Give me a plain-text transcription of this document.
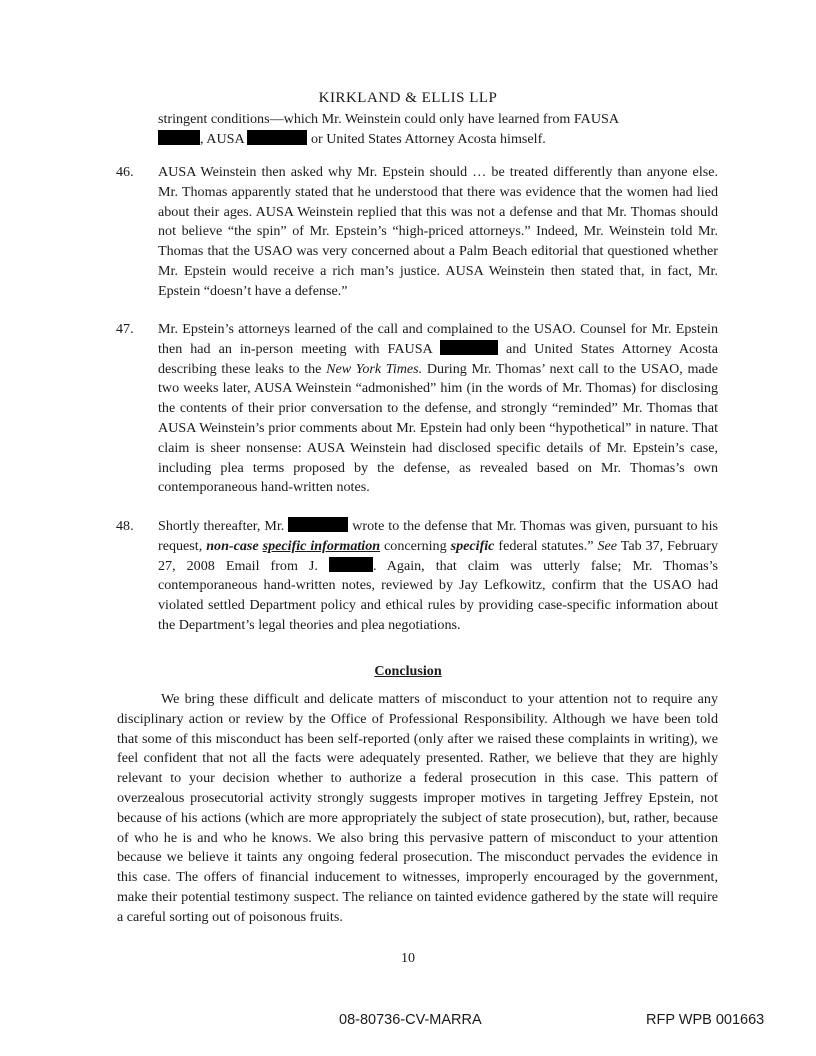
KIRKLAND & ELLIS LLP
stringent conditions—which Mr. Weinstein could only have learned from FAUSA
, AUSA	or United States Attorney Acosta himself.
46. AUSA Weinstein then asked why Mr. Epstein should … be treated differently than anyone else. Mr. Thomas apparently stated that he understood that there was evidence that the women had lied about their ages. AUSA Weinstein replied that this was not a defense and that Mr. Thomas should not believe “the spin” of Mr. Epstein’s “high-priced attorneys.” Indeed, Mr. Weinstein told Mr. Thomas that the USAO was very concerned about a Palm Beach editorial that questioned whether Mr. Epstein would receive a rich man’s justice. AUSA Weinstein then stated that, in fact, Mr. Epstein “doesn’t have a defense.”
47. Mr. Epstein’s attorneys learned of the call and complained to the USAO. Counsel for Mr. Epstein then had an in-person meeting with FAUSA	and United States Attorney Acosta describing these leaks to the New York Times. During Mr. Thomas’ next call to the USAO, made two weeks later, AUSA Weinstein “admonished” him (in the words of Mr. Thomas) for disclosing the contents of their prior conversation to the defense, and strongly “reminded” Mr. Thomas that AUSA Weinstein’s prior comments about Mr. Epstein had only been “hypothetical” in nature. That claim is sheer nonsense: AUSA Weinstein had disclosed specific details of Mr. Epstein’s case, including plea terms proposed by the defense, as revealed based on Mr. Thomas’s own contemporaneous hand-written notes.
48. Shortly thereafter, Mr.	wrote to the defense that Mr. Thomas was given, pursuant to his request, non-case specific information concerning specific federal statutes.” See Tab 37, February 27, 2008 Email from J.	. Again, that claim was utterly false; Mr. Thomas’s contemporaneous hand-written notes, reviewed by Jay Lefkowitz, confirm that the USAO had violated settled Department policy and ethical rules by providing case-specific information about the Department’s legal theories and plea negotiations.
Conclusion
We bring these difficult and delicate matters of misconduct to your attention not to require any disciplinary action or review by the Office of Professional Responsibility. Although we have been told that some of this misconduct has been self-reported (only after we raised these complaints in writing), we feel confident that not all the facts were adequately presented. Rather, we believe that they are highly relevant to your decision whether to authorize a federal prosecution in this case. This pattern of overzealous prosecutorial activity strongly suggests improper motives in targeting Jeffrey Epstein, not because of his actions (which are more appropriately the subject of state prosecution), but, rather, because of who he is and who he knows. We also bring this pervasive pattern of misconduct to your attention because we believe it taints any ongoing federal prosecution. The misconduct pervades the evidence in this case. The offers of financial inducement to witnesses, improperly encouraged by the government, make their potential testimony suspect. The reliance on tainted evidence gathered by the state will require a careful sorting out of poisonous fruits.
10
08-80736-CV-MARRA	RFP WPB 001663
